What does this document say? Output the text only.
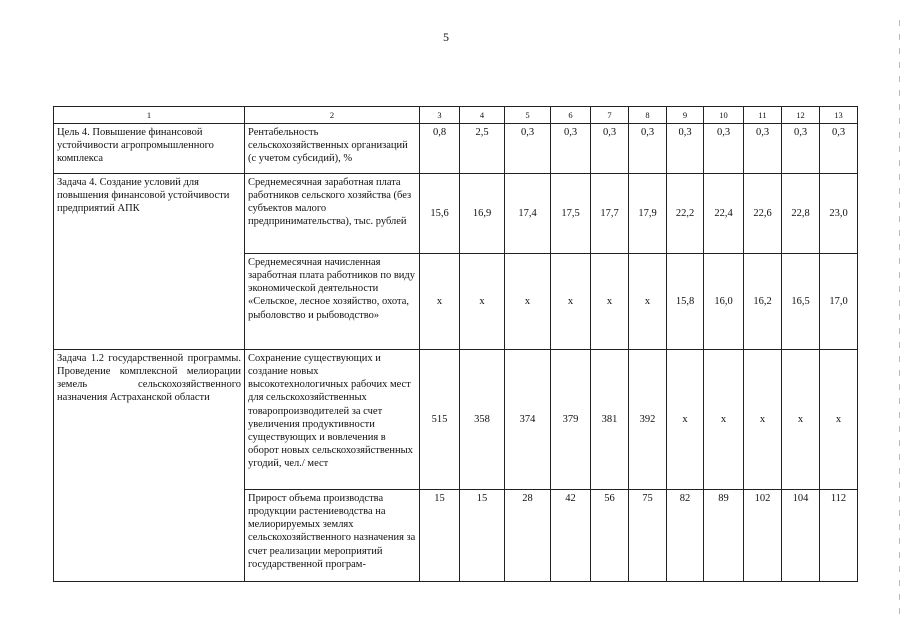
5
1	2	3	4	5	6	7	8	9	10	11	12	13
Цель 4. Повышение финансовой устойчивости агропромышленного комплекса	Рентабельность сельскохозяйственных организаций (с учетом субсидий), %	0,8	2,5	0,3	0,3	0,3	0,3	0,3	0,3	0,3	0,3	0,3
Задача 4. Создание условий для повышения финансовой устойчивости предприятий АПК	Среднемесячная заработная плата работников сельского хозяйства (без субъектов малого предпринимательства), тыс. рублей	15,6	16,9	17,4	17,5	17,7	17,9	22,2	22,4	22,6	22,8	23,0
	Среднемесячная начисленная заработная плата работников по виду экономической деятельности «Сельское, лесное хозяйство, охота, рыболовство и рыбоводство»	х	х	х	х	х	х	15,8	16,0	16,2	16,5	17,0
Задача 1.2 государственной программы. Проведение комплексной мелиорации земель сельскохозяйственного назначения Астраханской области	Сохранение существующих и создание новых высокотехнологичных рабочих мест для сельскохозяйственных товаропроизводителей за счет увеличения продуктивности существующих и вовлечения в оборот новых сельскохозяйственных угодий, чел./ мест	515	358	374	379	381	392	х	х	х	х	х
	Прирост объема производства продукции растениеводства на мелиорируемых землях сельскохозяйственного назначения за счет реализации мероприятий государственной програм-	15	15	28	42	56	75	82	89	102	104	112
